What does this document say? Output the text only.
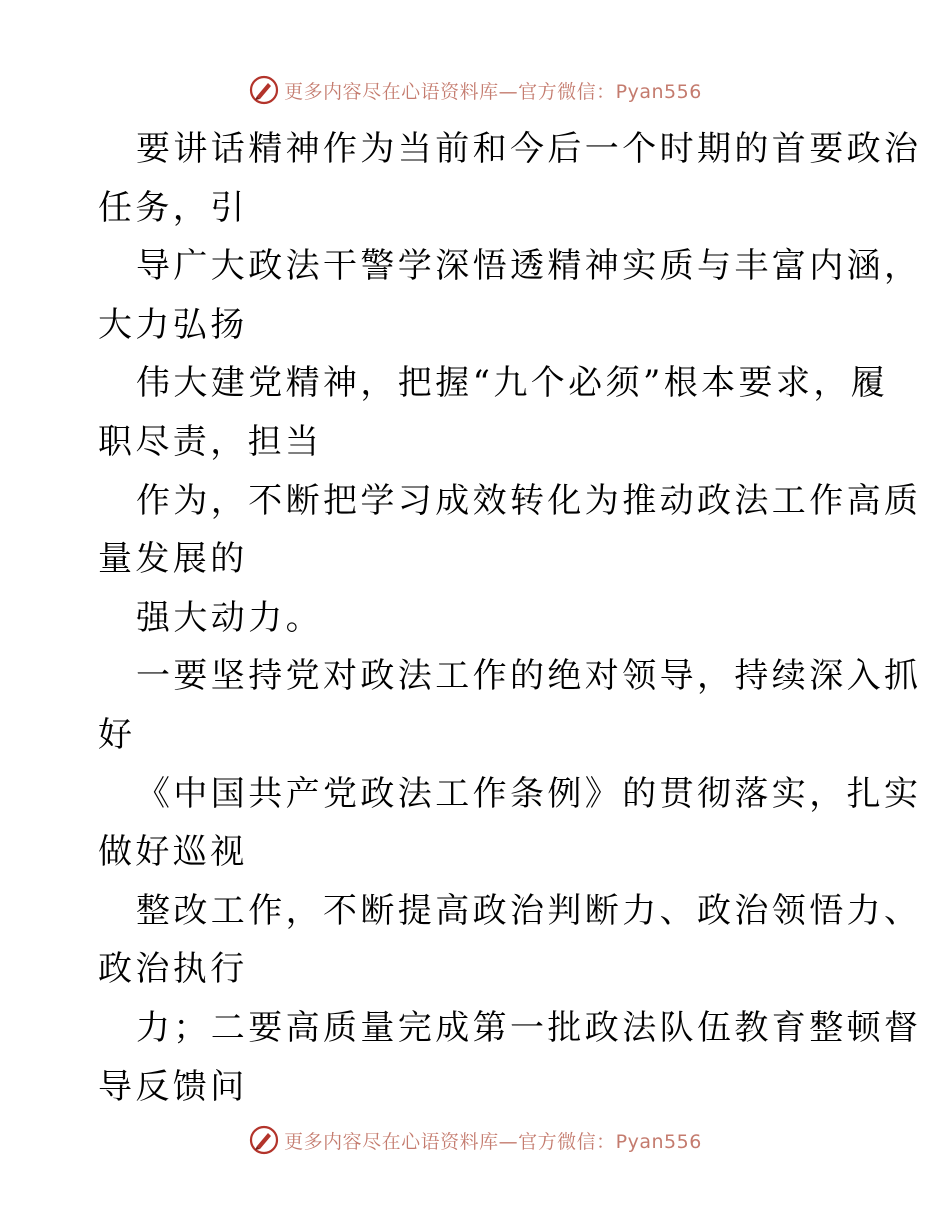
更多内容尽在心语资料库—官方微信：Pyan556
要讲话精神作为当前和今后一个时期的首要政治
任务，引
导广大政法干警学深悟透精神实质与丰富内涵，
大力弘扬
伟大建党精神，把握“九个必须”根本要求，履
职尽责，担当
作为，不断把学习成效转化为推动政法工作高质
量发展的
强大动力。
一要坚持党对政法工作的绝对领导，持续深入抓
好
《中国共产党政法工作条例》的贯彻落实，扎实
做好巡视
整改工作，不断提高政治判断力、政治领悟力、
政治执行
力；二要高质量完成第一批政法队伍教育整顿督
导反馈问
更多内容尽在心语资料库—官方微信：Pyan556
